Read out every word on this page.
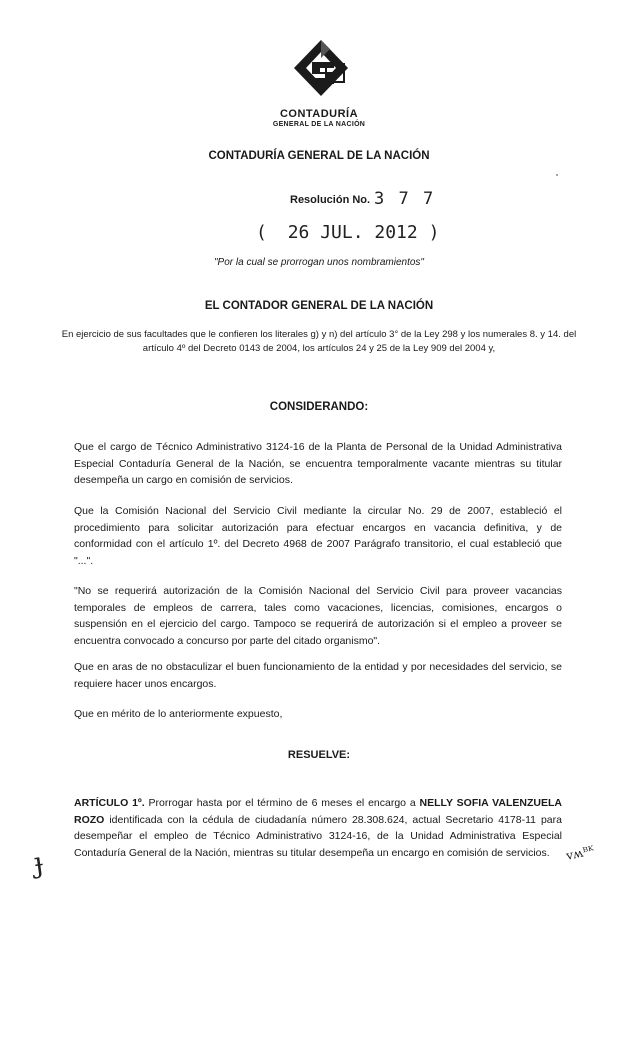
CONTADURÍA
GENERAL DE LA NACIÓN
CONTADURÍA GENERAL DE LA NACIÓN
Resolución No. 3 7 7
( 26 JUL. 2012 )
"Por la cual se prorrogan unos nombramientos"
EL CONTADOR GENERAL DE LA NACIÓN
En ejercicio de sus facultades que le confieren los literales g) y n) del artículo 3° de la Ley 298 y los numerales 8. y 14. del artículo 4º del Decreto 0143 de 2004, los artículos 24 y 25 de la Ley 909 del 2004 y,
CONSIDERANDO:
Que el cargo de Técnico Administrativo 3124-16 de la Planta de Personal de la Unidad Administrativa Especial Contaduría General de la Nación, se encuentra temporalmente vacante mientras su titular desempeña un cargo en comisión de servicios.
Que la Comisión Nacional del Servicio Civil mediante la circular No. 29 de 2007, estableció el procedimiento para solicitar autorización para efectuar encargos en vacancia definitiva, y de conformidad con el artículo 1º. del Decreto 4968 de 2007 Parágrafo transitorio, el cual estableció que "...".
"No se requerirá autorización de la Comisión Nacional del Servicio Civil para proveer vacancias temporales de empleos de carrera, tales como vacaciones, licencias, comisiones, encargos o suspensión en el ejercicio del cargo. Tampoco se requerirá de autorización si el empleo a proveer se encuentra convocado a concurso por parte del citado organismo".
Que en aras de no obstaculizar el buen funcionamiento de la entidad y por necesidades del servicio, se requiere hacer unos encargos.
Que en mérito de lo anteriormente expuesto,
RESUELVE:
ARTÍCULO 1º. Prorrogar hasta por el término de 6 meses el encargo a NELLY SOFIA VALENZUELA ROZO identificada con la cédula de ciudadanía número 28.308.624, actual Secretario 4178-11 para desempeñar el empleo de Técnico Administrativo 3124-16, de la Unidad Administrativa Especial Contaduría General de la Nación, mientras su titular desempeña un encargo en comisión de servicios.
ɟ	vʍᴮᴷ
